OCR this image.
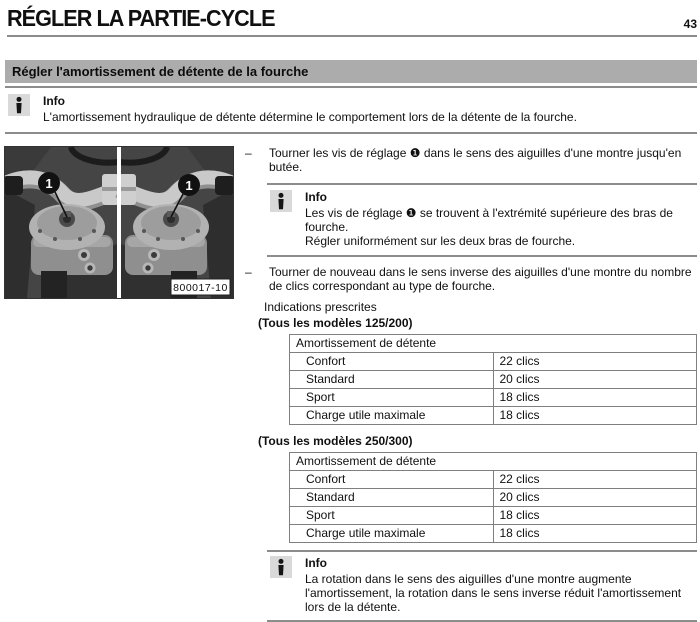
RÉGLER LA PARTIE-CYCLE	43
Régler l'amortissement de détente de la fourche
Info
L'amortissement hydraulique de détente détermine le comportement lors de la détente de la fourche.
1	1
800017-10
–	Tourner les vis de réglage ❶ dans le sens des aiguilles d'une montre jusqu'en butée.
Info
Les vis de réglage ❶ se trouvent à l'extrémité supérieure des bras de fourche.
Régler uniformément sur les deux bras de fourche.
–	Tourner de nouveau dans le sens inverse des aiguilles d'une montre du nombre de clics correspondant au type de fourche.
Indications prescrites
(Tous les modèles 125/200)
Amortissement de détente	
Confort	22 clics
Standard	20 clics
Sport	18 clics
Charge utile maximale	18 clics
(Tous les modèles 250/300)
Amortissement de détente	
Confort	22 clics
Standard	20 clics
Sport	18 clics
Charge utile maximale	18 clics
Info
La rotation dans le sens des aiguilles d'une montre augmente l'amortissement, la rotation dans le sens inverse réduit l'amortissement lors de la détente.
